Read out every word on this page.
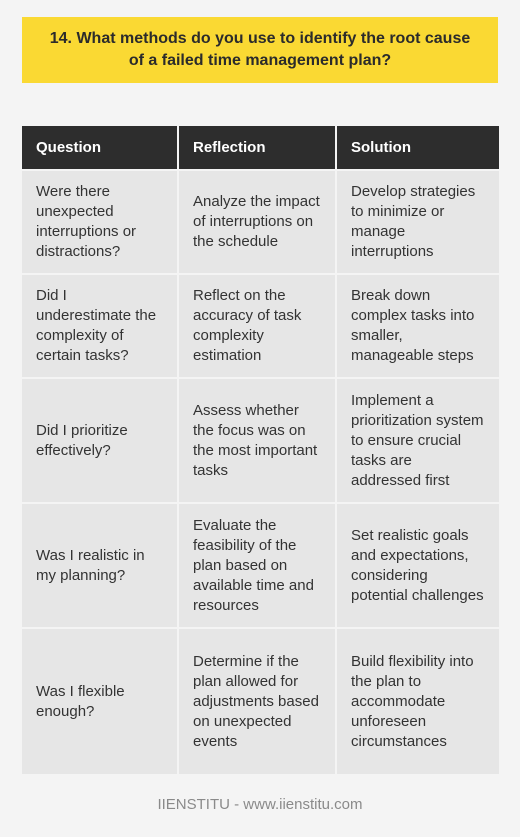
14. What methods do you use to identify the root cause of a failed time management plan?
Question	Reflection	Solution
Were there unexpected interruptions or distractions?	Analyze the impact of interruptions on the schedule	Develop strategies to minimize or manage interruptions
Did I underestimate the complexity of certain tasks?	Reflect on the accuracy of task complexity estimation	Break down complex tasks into smaller, manageable steps
Did I prioritize effectively?	Assess whether the focus was on the most important tasks	Implement a prioritization system to ensure crucial tasks are addressed first
Was I realistic in my planning?	Evaluate the feasibility of the plan based on available time and resources	Set realistic goals and expectations, considering potential challenges
Was I flexible enough?	Determine if the plan allowed for adjustments based on unexpected events	Build flexibility into the plan to accommodate unforeseen circumstances
IIENSTITU - www.iienstitu.com
